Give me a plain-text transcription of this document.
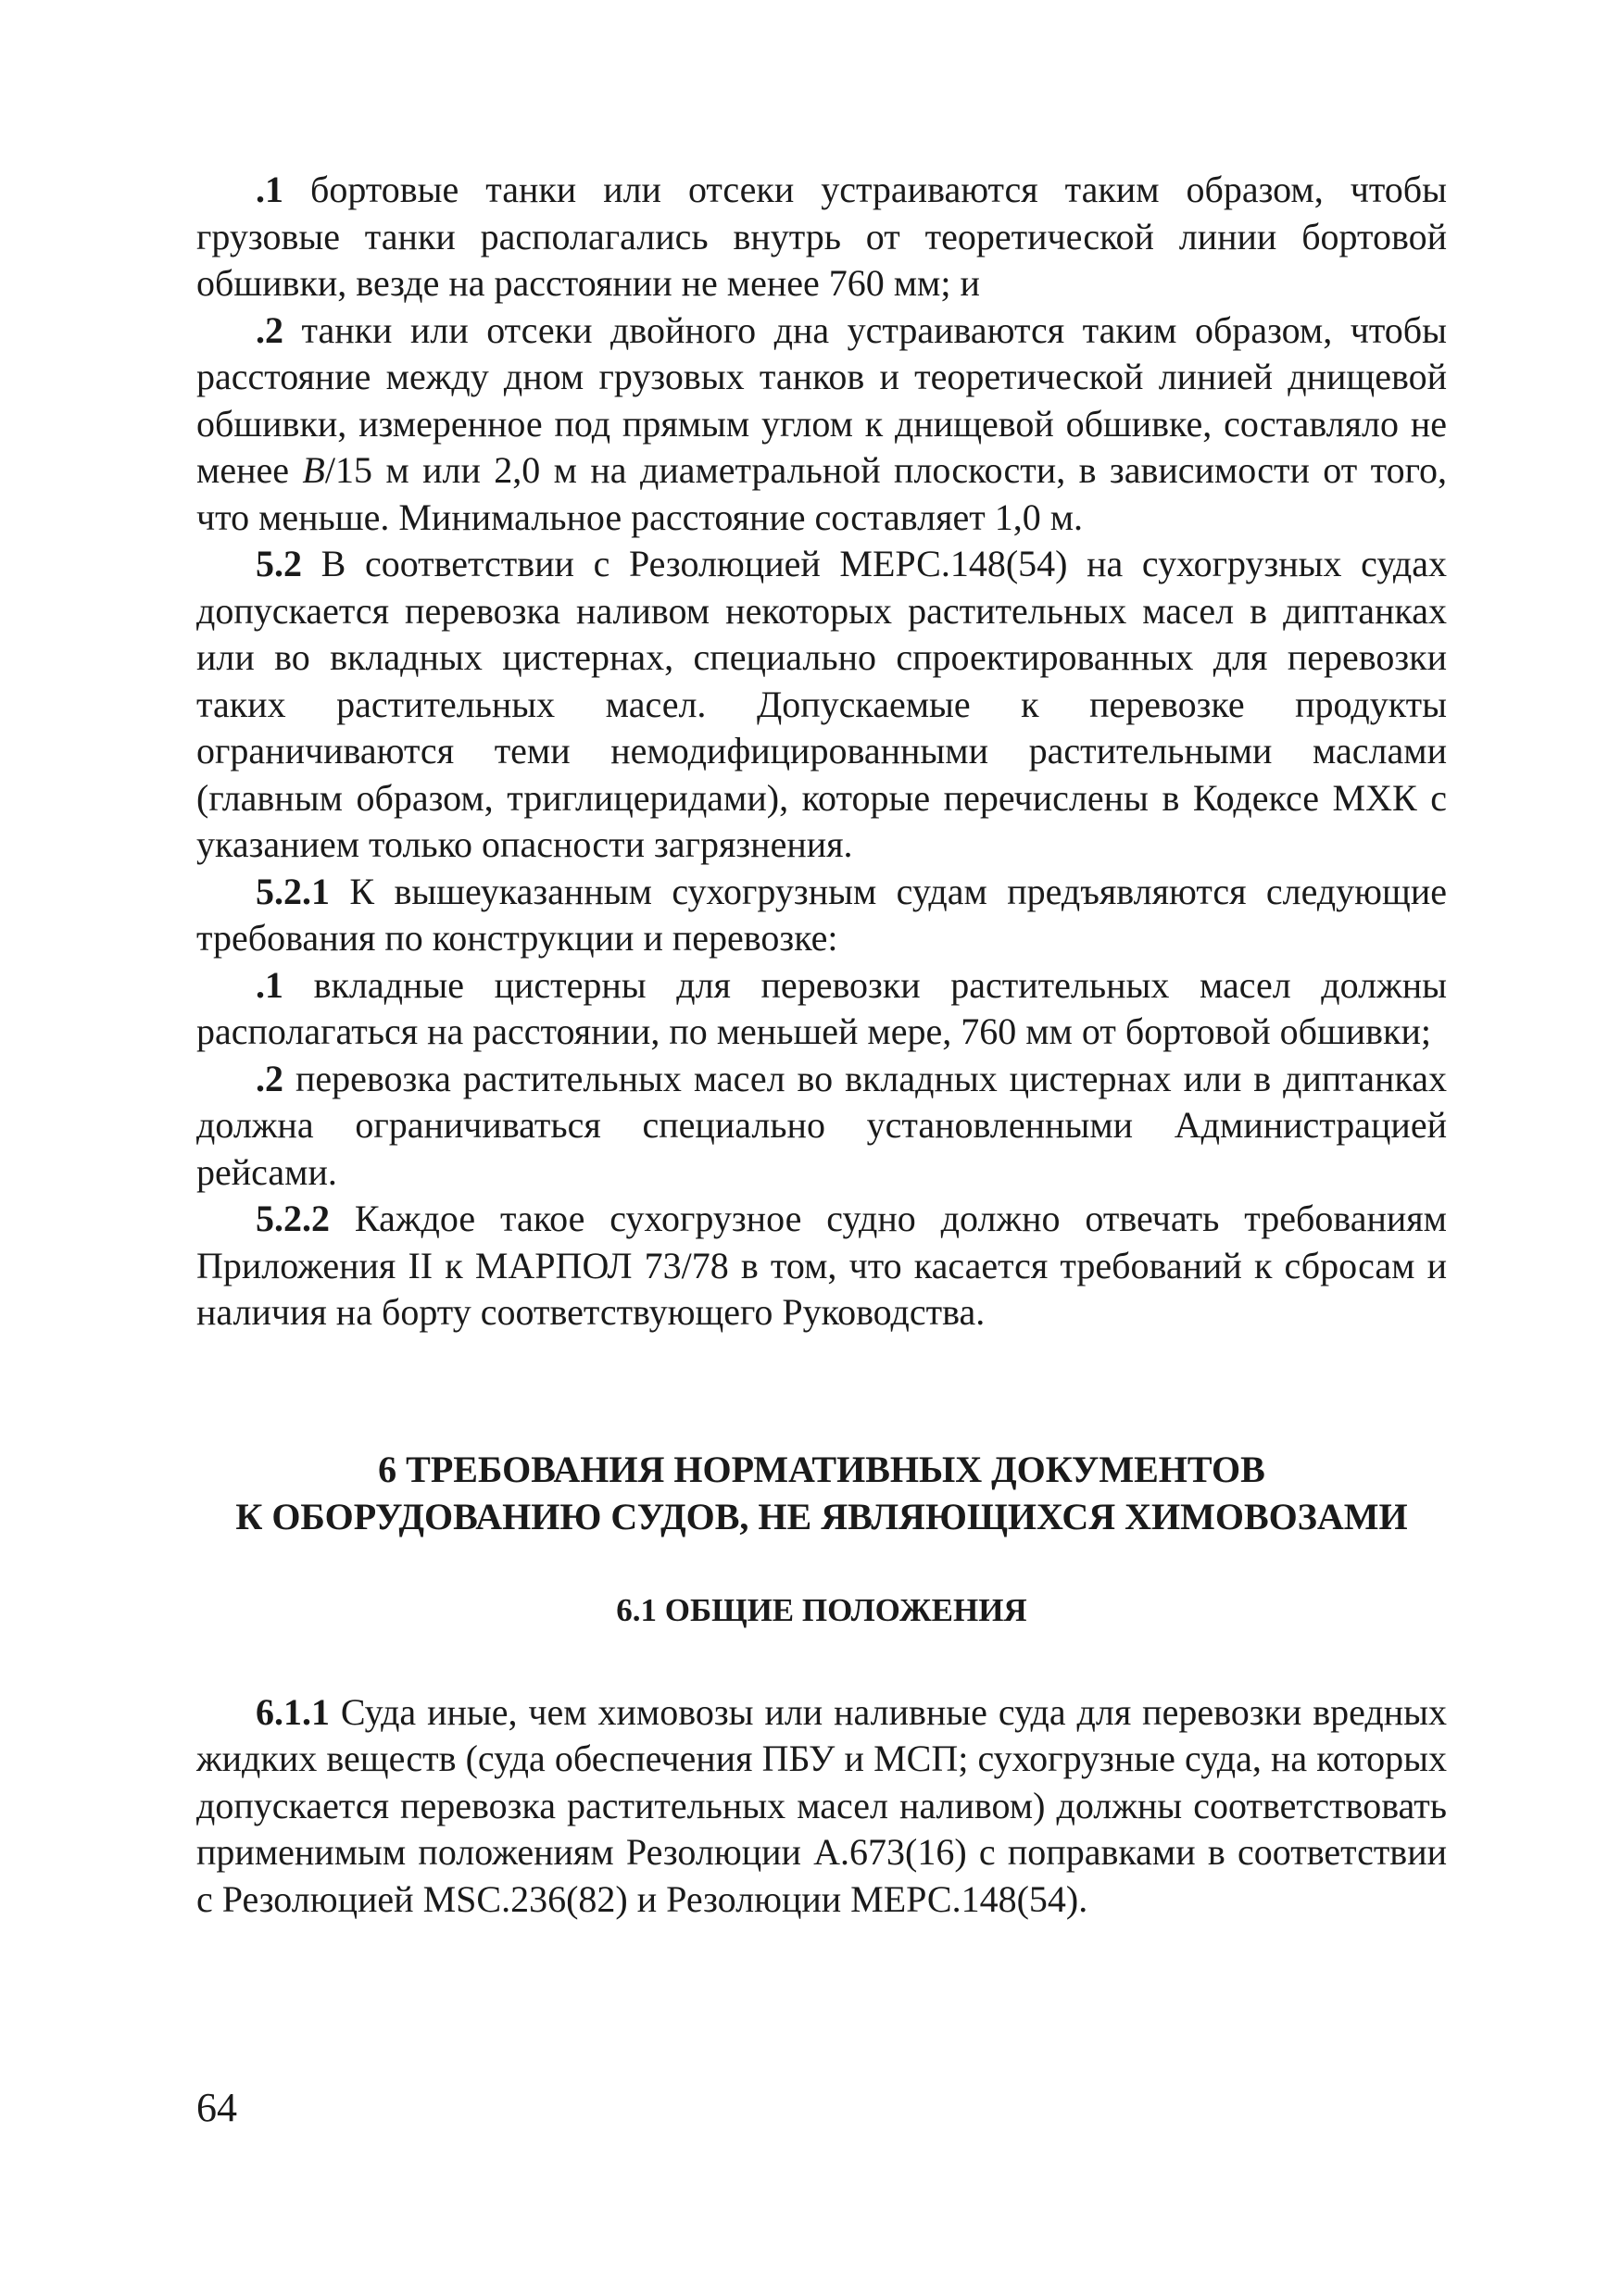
.1 бортовые танки или отсеки устраиваются таким образом, чтобы грузовые танки располагались внутрь от теоретической линии бортовой обшивки, везде на расстоянии не менее 760 мм; и

.2 танки или отсеки двойного дна устраиваются таким образом, чтобы расстояние между дном грузовых танков и теоретической линией днищевой обшивки, измеренное под прямым углом к днищевой обшивке, составляло не менее B/15 м или 2,0 м на диаметральной плоскости, в зависимости от того, что меньше. Минимальное расстояние составляет 1,0 м.

5.2 В соответствии с Резолюцией МЕРС.148(54) на сухогрузных судах допускается перевозка наливом некоторых растительных масел в диптанках или во вкладных цистернах, специально спроектированных для перевозки таких растительных масел. Допускаемые к перевозке продукты ограничиваются теми немодифицированными растительными маслами (главным образом, триглицеридами), которые перечислены в Кодексе МХК с указанием только опасности загрязнения.

5.2.1 К вышеуказанным сухогрузным судам предъявляются следующие требования по конструкции и перевозке:

.1 вкладные цистерны для перевозки растительных масел должны располагаться на расстоянии, по меньшей мере, 760 мм от бортовой обшивки;

.2 перевозка растительных масел во вкладных цистернах или в диптанках должна ограничиваться специально установленными Администрацией рейсами.

5.2.2 Каждое такое сухогрузное судно должно отвечать требованиям Приложения II к МАРПОЛ 73/78 в том, что касается требований к сбросам и наличия на борту соответствующего Руководства.

6 ТРЕБОВАНИЯ НОРМАТИВНЫХ ДОКУМЕНТОВ
К ОБОРУДОВАНИЮ СУДОВ, НЕ ЯВЛЯЮЩИХСЯ ХИМОВОЗАМИ

6.1 ОБЩИЕ ПОЛОЖЕНИЯ

6.1.1 Суда иные, чем химовозы или наливные суда для перевозки вредных жидких веществ (суда обеспечения ПБУ и МСП; сухогрузные суда, на которых допускается перевозка растительных масел наливом) должны соответствовать применимым положениям Резолюции А.673(16) с поправками в соответствии с Резолюцией MSC.236(82) и Резолюции МЕРС.148(54).

64
